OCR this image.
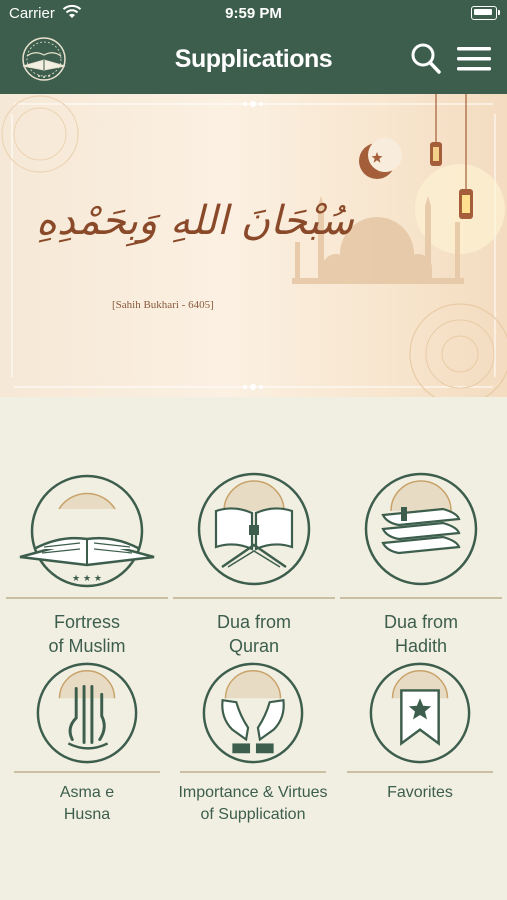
Carrier	9:59 PM
Supplications
سُبْحَانَ اللهِ وَبِحَمْدِهِ
[Sahih Bukhari - 6405]
★ ★ ★
Fortress
of Muslim
Dua from
Quran
Dua from
Hadith
Asma e
Husna
Importance & Virtues
of Supplication
Favorites
